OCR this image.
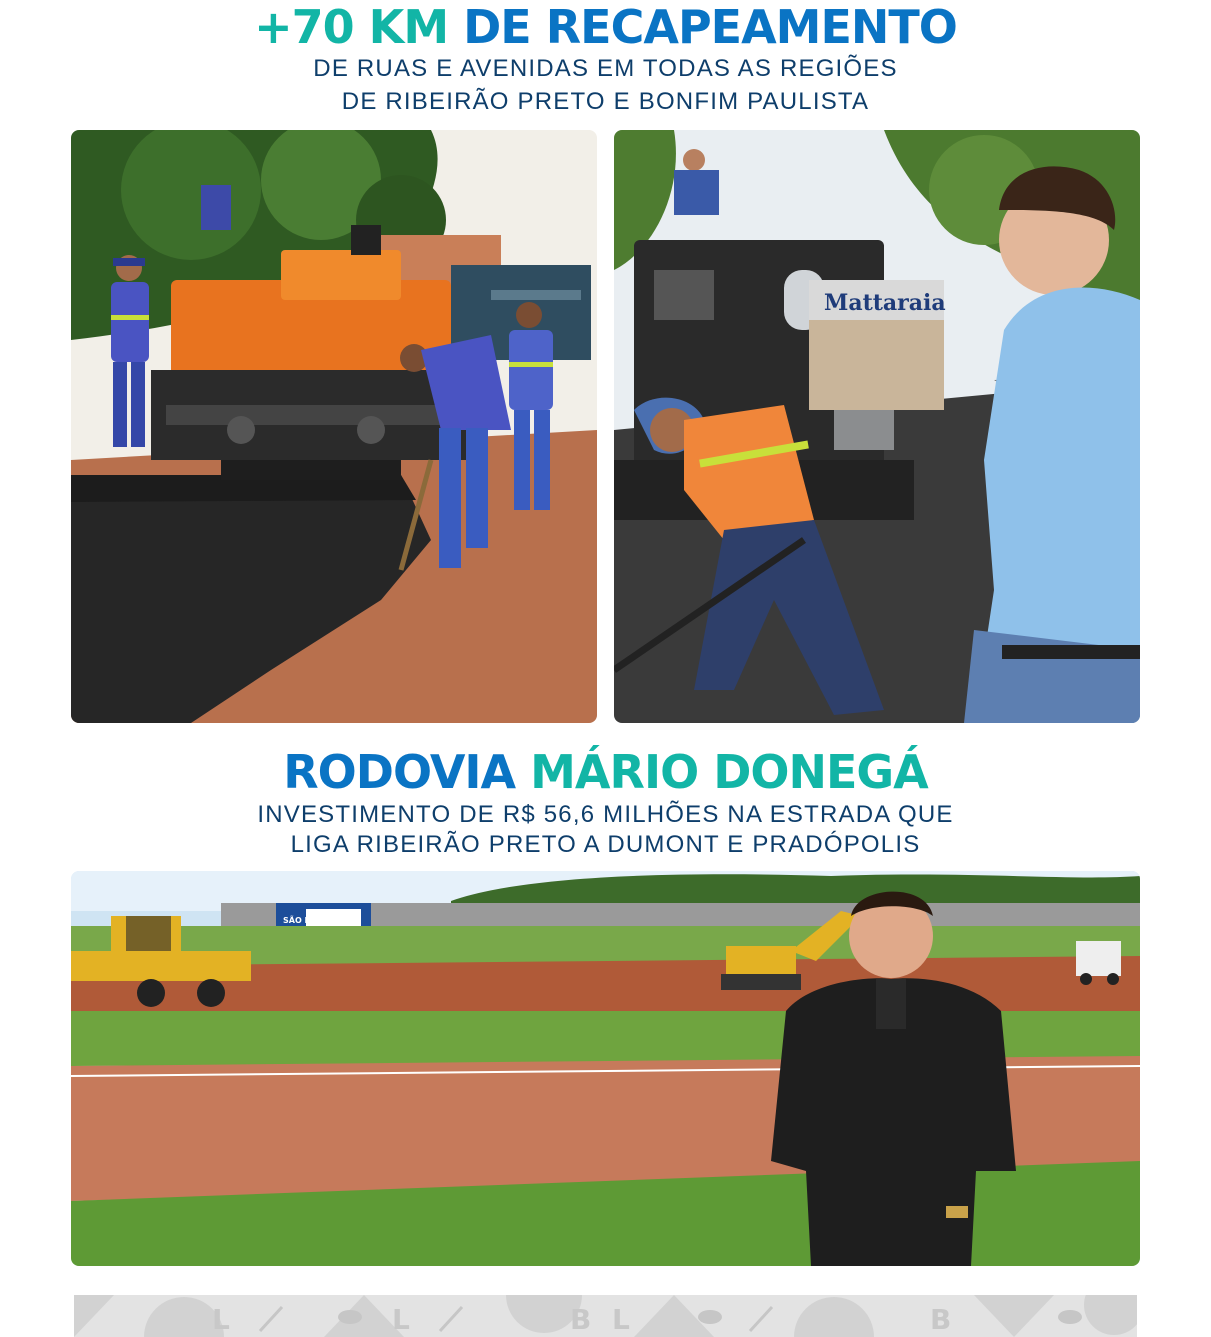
+70 KM DE RECAPEAMENTO

DE RUAS E AVENIDAS EM TODAS AS REGIÕES

DE RIBEIRÃO PRETO E BONFIM PAULISTA

Mattaraia
RODOVIA MÁRIO DONEGÁ

INVESTIMENTO DE R$ 56,6 MILHÕES NA ESTRADA QUE

LIGA RIBEIRÃO PRETO A DUMONT E PRADÓPOLIS

SÃO PAULO
L	L	B L	B
